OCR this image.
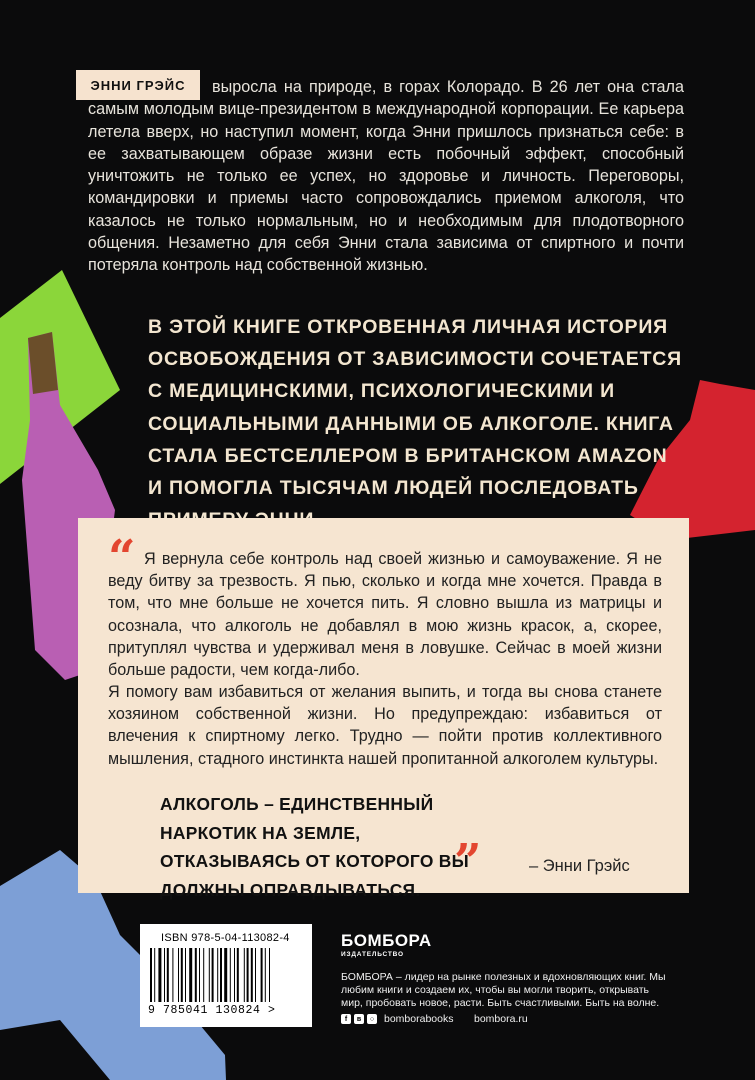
ЭННИ ГРЭЙС	выросла на природе, в горах Колорадо. В 26 лет она стала самым молодым вице-президентом в международной корпорации. Ее карьера летела вверх, но наступил момент, когда Энни пришлось признаться себе: в ее захватывающем образе жизни есть побочный эффект, способный уничтожить не только ее успех, но здоровье и личность. Переговоры, командировки и приемы часто сопровождались приемом алкоголя, что казалось не только нормальным, но и необходимым для плодотворного общения. Незаметно для себя Энни стала зависима от спиртного и почти потеряла контроль над собственной жизнью.

В ЭТОЙ КНИГЕ ОТКРОВЕННАЯ ЛИЧНАЯ ИСТОРИЯ ОСВОБОЖДЕНИЯ ОТ ЗАВИСИМОСТИ СОЧЕТАЕТСЯ С МЕДИЦИНСКИМИ, ПСИХОЛОГИЧЕСКИМИ И СОЦИАЛЬНЫМИ ДАННЫМИ ОБ АЛКОГОЛЕ. КНИГА СТАЛА БЕСТСЕЛЛЕРОМ В БРИТАНСКОМ AMAZON И ПОМОГЛА ТЫСЯЧАМ ЛЮДЕЙ ПОСЛЕДОВАТЬ

“ Я вернула себе контроль над своей жизнью и самоуважение. Я не веду битву за трезвость. Я пью, сколько и когда мне хочется. Правда в том, что мне больше не хочется пить. Я словно вышла из матрицы и осознала, что алкоголь не добавлял в мою жизнь красок, а, скорее, притуплял чувства и удерживал меня в ловушке. Сейчас в моей жизни больше радости, чем когда-либо.

Я помогу вам избавиться от желания выпить, и тогда вы снова станете хозяином собственной жизни. Но предупреждаю: избавиться от влечения к спиртному легко. Трудно — пойти против коллективного мышления, стадного инстинкта нашей пропитанной алкоголем культуры.

АЛКОГОЛЬ – ЕДИНСТВЕННЫЙ НАРКОТИК НА ЗЕМЛЕ, ОТКАЗЫВАЯСЬ ОТ КОТОРОГО ВЫ ДОЛЖНЫ ОПРАВДЫВАТЬСЯ. ”	– Энни Грэйс
ISBN 978-5-04-113082-4
9 785041 130824 >
БОМБОРА
ИЗДАТЕЛЬСТВО

БОМБОРА – лидер на рынке полезных и вдохновляющих книг. Мы любим книги и создаем их, чтобы вы могли творить, открывать мир, пробовать новое, расти. Быть счастливыми. Быть на волне.

f	в	○ bomborabooks bombora.ru
